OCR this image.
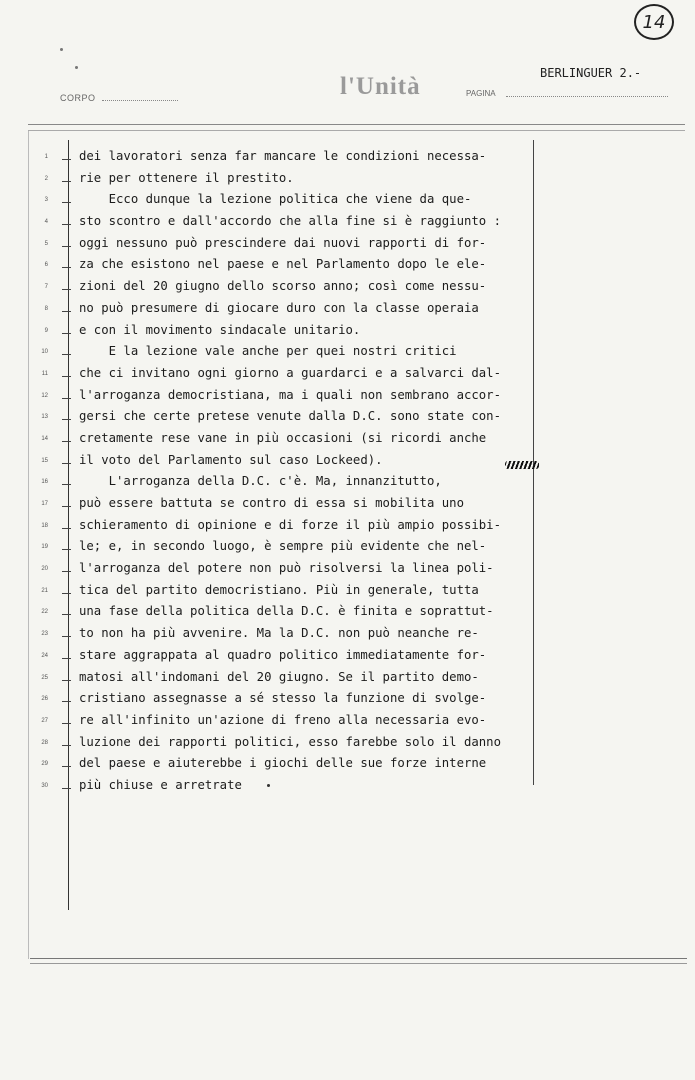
14
CORPO	l'Unità	PAGINA
BERLINGUER 2.-
1
2
3
4
5
6
7
8
9
10
11
12
13
14
15
16
17
18
19
20
21
22
23
24
25
26
27
28
29
30
dei lavoratori senza far mancare le condizioni necessa-
rie per ottenere il prestito.
Ecco dunque la lezione politica che viene da que-
sto scontro e dall'accordo che alla fine si è raggiunto :
oggi nessuno può prescindere dai nuovi rapporti di for-
za che esistono nel paese e nel Parlamento dopo le ele-
zioni del 20 giugno dello scorso anno; così come nessu-
no può presumere di giocare duro con la classe operaia
e con il movimento sindacale unitario.
E la lezione vale anche per quei nostri critici
che ci invitano ogni giorno a guardarci e a salvarci dal-
l'arroganza democristiana, ma i quali non sembrano accor-
gersi che certe pretese venute dalla D.C. sono state con-
cretamente rese vane in più occasioni (si ricordi anche
il voto del Parlamento sul caso Lockeed).
L'arroganza della D.C. c'è. Ma, innanzitutto,
può essere battuta se contro di essa si mobilita uno
schieramento di opinione e di forze il più ampio possibi-
le; e, in secondo luogo, è sempre più evidente che nel-
l'arroganza del potere non può risolversi la linea poli-
tica del partito democristiano. Più in generale, tutta
una fase della politica della D.C. è finita e soprattut-
to non ha più avvenire. Ma la D.C. non può neanche re-
stare aggrappata al quadro politico immediatamente for-
matosi all'indomani del 20 giugno. Se il partito demo-
cristiano assegnasse a sé stesso la funzione di svolge-
re all'infinito un'azione di freno alla necessaria evo-
luzione dei rapporti politici, esso farebbe solo il danno
del paese e aiuterebbe i giochi delle sue forze interne
più chiuse e arretrate
